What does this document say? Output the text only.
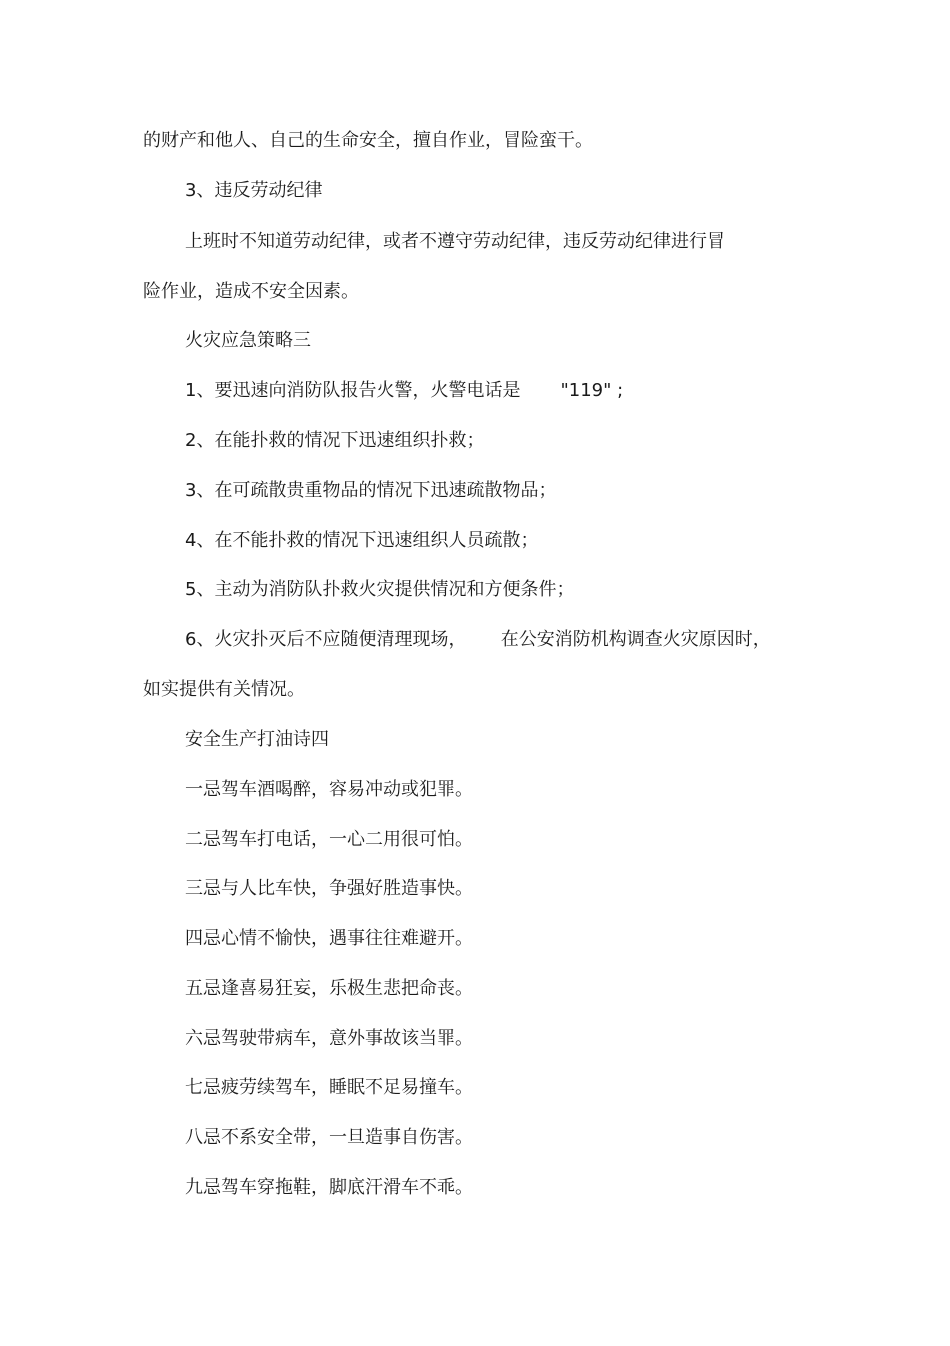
的财产和他人、自己的生命安全，擅自作业，冒险蛮干。

3、违反劳动纪律

上班时不知道劳动纪律，或者不遵守劳动纪律，违反劳动纪律进行冒

险作业，造成不安全因素。

火灾应急策略三

1、要迅速向消防队报告火警，火警电话是       "119" ;

2、在能扑救的情况下迅速组织扑救；

3、在可疏散贵重物品的情况下迅速疏散物品；

4、在不能扑救的情况下迅速组织人员疏散；

5、主动为消防队扑救火灾提供情况和方便条件；

6、火灾扑灭后不应随便清理现场，      在公安消防机构调查火灾原因时，

如实提供有关情况。

安全生产打油诗四

一忌驾车酒喝醉，容易冲动或犯罪。

二忌驾车打电话，一心二用很可怕。

三忌与人比车快，争强好胜造事快。

四忌心情不愉快，遇事往往难避开。

五忌逢喜易狂妄，乐极生悲把命丧。

六忌驾驶带病车，意外事故该当罪。

七忌疲劳续驾车，睡眠不足易撞车。

八忌不系安全带，一旦造事自伤害。

九忌驾车穿拖鞋，脚底汗滑车不乖。
